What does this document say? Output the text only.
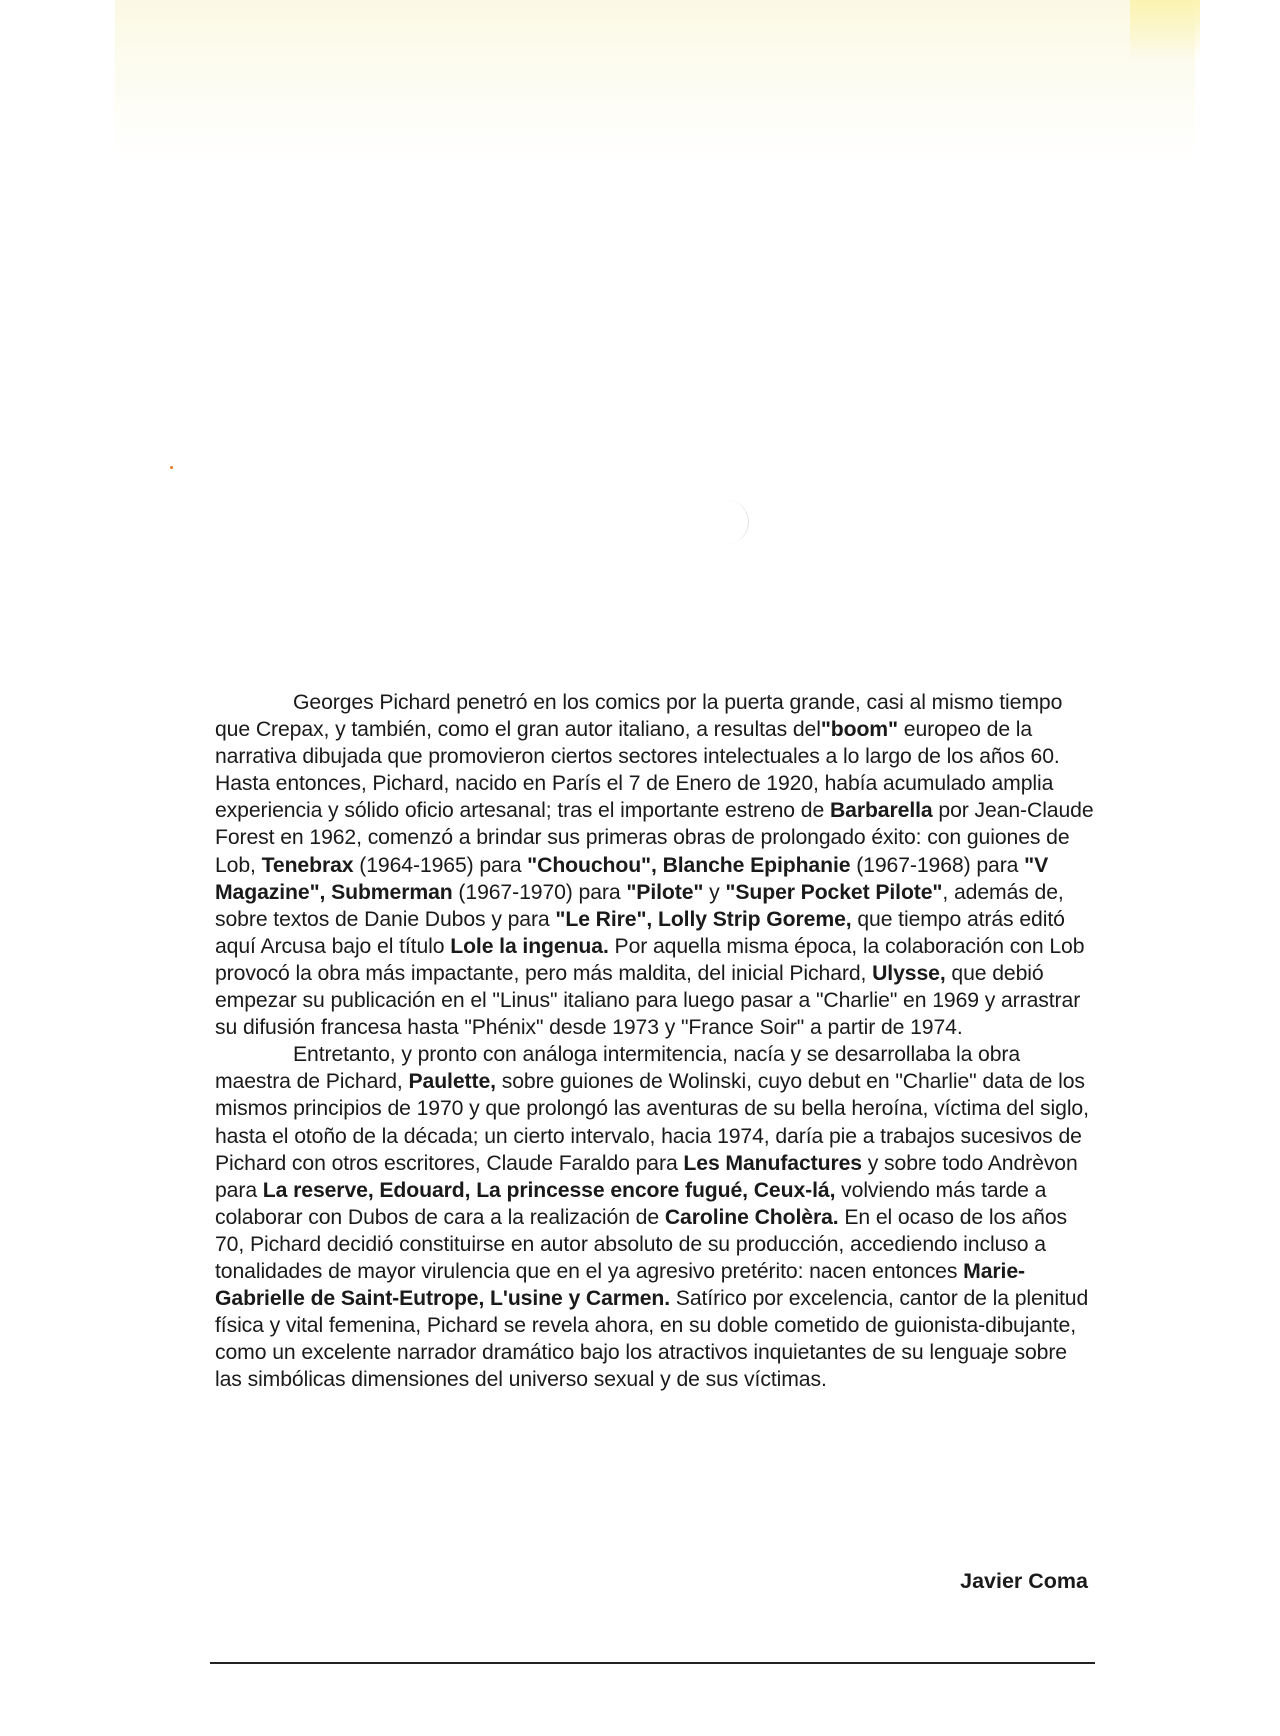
Georges Pichard penetró en los comics por la puerta grande, casi al mismo tiempo que Crepax, y también, como el gran autor italiano, a resultas del"boom" europeo de la narrativa dibujada que promovieron ciertos sectores intelectuales a lo largo de los años 60. Hasta entonces, Pichard, nacido en París el 7 de Enero de 1920, había acumulado amplia experiencia y sólido oficio artesanal; tras el importante estreno de Barbarella por Jean-Claude Forest en 1962, comenzó a brindar sus primeras obras de prolongado éxito: con guiones de Lob, Tenebrax (1964-1965) para "Chouchou", Blanche Epiphanie (1967-1968) para "V Magazine", Submerman (1967-1970) para "Pilote" y "Super Pocket Pilote", además de, sobre textos de Danie Dubos y para "Le Rire", Lolly Strip Goreme, que tiempo atrás editó aquí Arcusa bajo el título Lole la ingenua. Por aquella misma época, la colaboración con Lob provocó la obra más impactante, pero más maldita, del inicial Pichard, Ulysse, que debió empezar su publicación en el "Linus" italiano para luego pasar a "Charlie" en 1969 y arrastrar su difusión francesa hasta "Phénix" desde 1973 y "France Soir" a partir de 1974.

Entretanto, y pronto con análoga intermitencia, nacía y se desarrollaba la obra maestra de Pichard, Paulette, sobre guiones de Wolinski, cuyo debut en "Charlie" data de los mismos principios de 1970 y que prolongó las aventuras de su bella heroína, víctima del siglo, hasta el otoño de la década; un cierto intervalo, hacia 1974, daría pie a trabajos sucesivos de Pichard con otros escritores, Claude Faraldo para Les Manufactures y sobre todo Andrèvon para La reserve, Edouard, La princesse encore fugué, Ceux-lá, volviendo más tarde a colaborar con Dubos de cara a la realización de Caroline Cholèra. En el ocaso de los años 70, Pichard decidió constituirse en autor absoluto de su producción, accediendo incluso a tonalidades de mayor virulencia que en el ya agresivo pretérito: nacen entonces Marie-Gabrielle de Saint-Eutrope, L'usine y Carmen. Satírico por excelencia, cantor de la plenitud física y vital femenina, Pichard se revela ahora, en su doble cometido de guionista-dibujante, como un excelente narrador dramático bajo los atractivos inquietantes de su lenguaje sobre las simbólicas dimensiones del universo sexual y de sus víctimas.

Javier Coma
